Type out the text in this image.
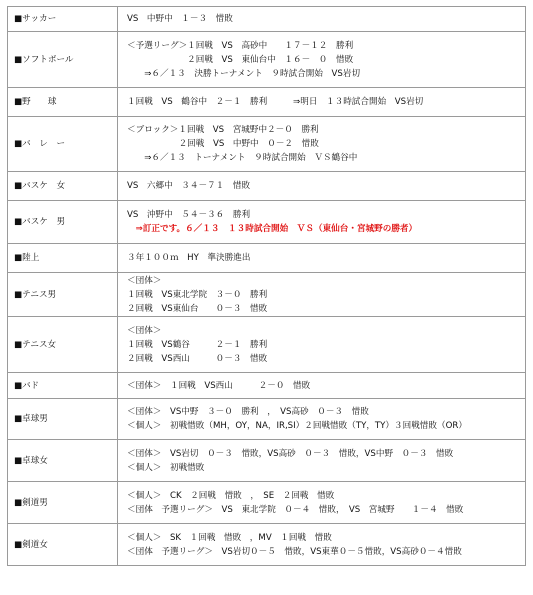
■サッカー	VS　中野中　１－３　惜敗

■ソフトボール	＜予選リーグ＞１回戦　VS　高砂中　　１７－１２　勝利
　　　　　　　２回戦　VS　東仙台中　１６－　０　惜敗
　　⇒６／１３　決勝トーナメント　９時試合開始　VS岩切

■野　　球	１回戦　VS　鶴谷中　２－１　勝利　　　⇒明日　１３時試合開始　VS岩切

■バ　レ　ー	＜ブロック＞１回戦　VS　宮城野中２－０　勝利
　　　　　　２回戦　VS　中野中　０－２　惜敗
　　⇒６／１３　トーナメント　９時試合開始　ＶＳ鶴谷中

■バスケ　女	VS　六郷中　３４－７１　惜敗

■バスケ　男	VS　沖野中　５４－３６　勝利
　⇒訂正です。６／１３　１３時試合開始　ＶＳ（東仙台・宮城野の勝者）

■陸上	３年１００ｍ　HY　準決勝進出

■テニス男	＜団体＞
１回戦　VS東北学院　３－０　勝利
２回戦　VS東仙台　　０－３　惜敗

■テニス女	＜団体＞
１回戦　VS鶴谷　　　２－１　勝利
２回戦　VS西山　　　０－３　惜敗

■バド	＜団体＞　１回戦　VS西山　　　２－０　惜敗

■卓球男	＜団体＞　VS中野　３－０　勝利　，　VS高砂　０－３　惜敗
＜個人＞　初戦惜敗（MH，OY，NA，IR,SI）２回戦惜敗（TY，TY）３回戦惜敗（OR）

■卓球女	＜団体＞　VS岩切　０－３　惜敗，VS高砂　０－３　惜敗，VS中野　０－３　惜敗
＜個人＞　初戦惜敗

■剣道男	＜個人＞　CK　２回戦　惜敗　，　SE　２回戦　惜敗
＜団体　予選リーグ＞　VS　東北学院　０－４　惜敗，　VS　宮城野　　１－４　惜敗

■剣道女	＜個人＞　SK　１回戦　惜敗　，MV　１回戦　惜敗
＜団体　予選リーグ＞　VS岩切０－５　惜敗，VS東華０－５惜敗，VS高砂０－４惜敗
